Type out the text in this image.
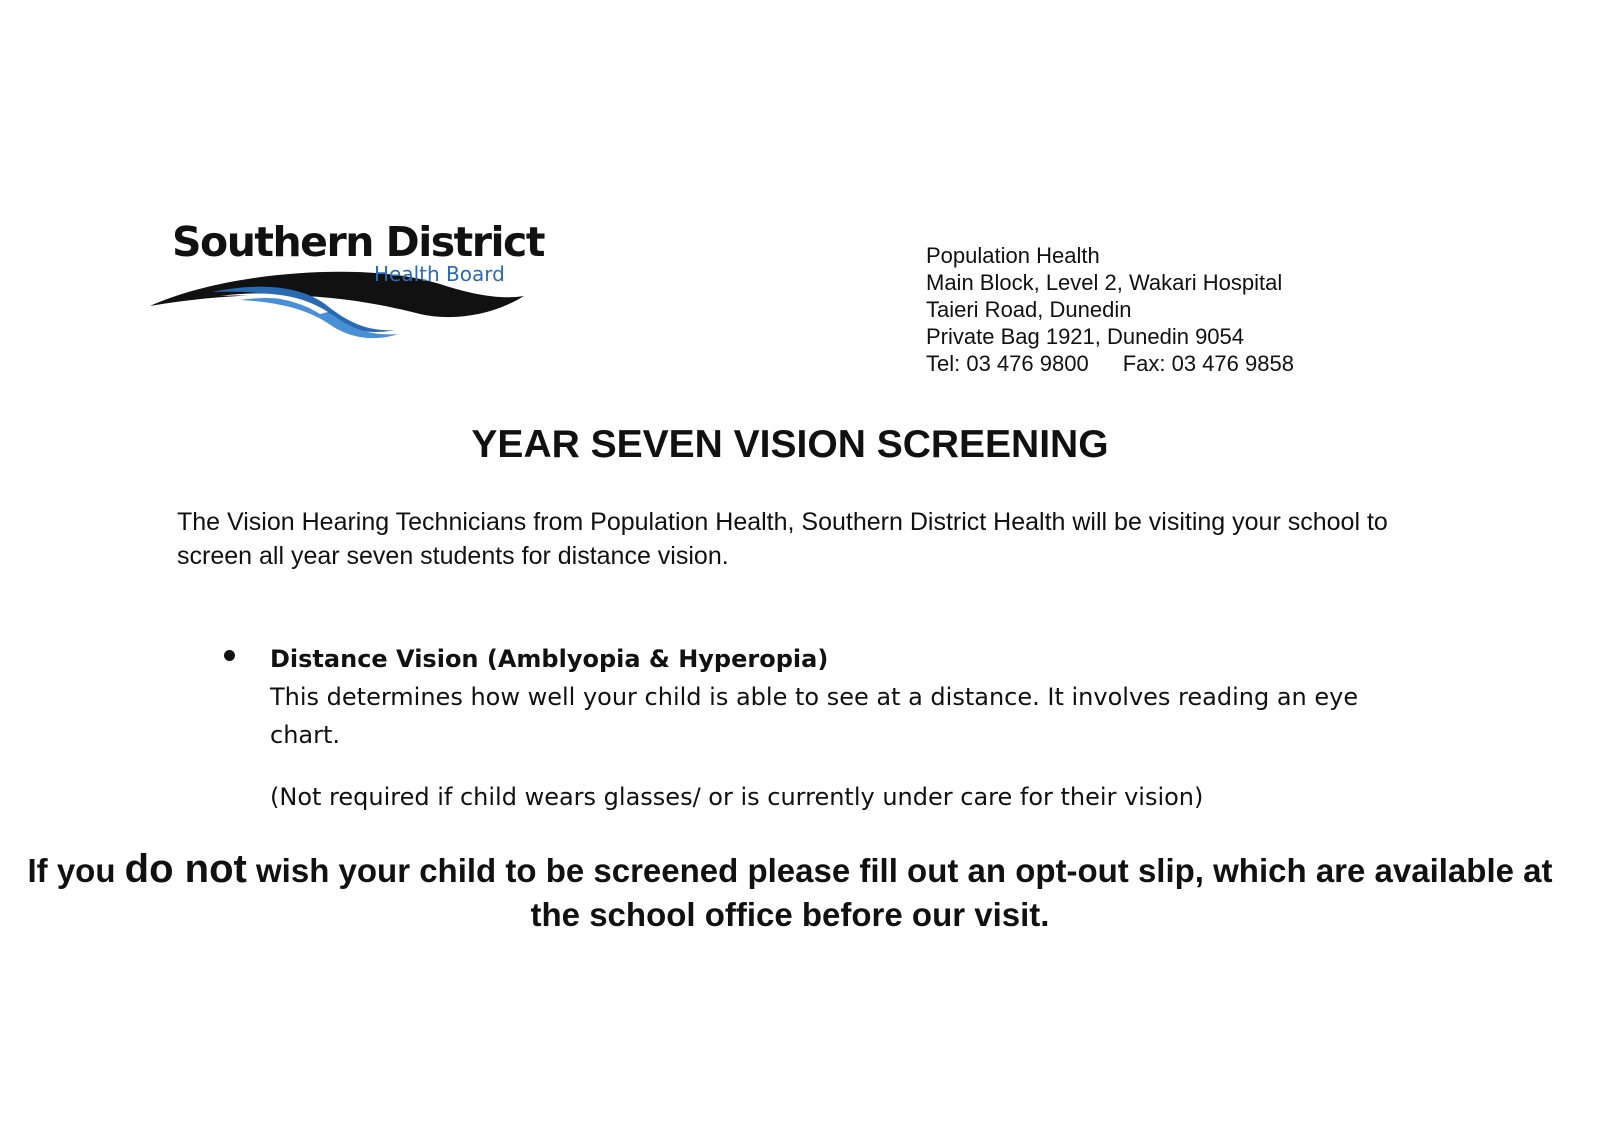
Southern District
Health Board
Population Health
Main Block, Level 2, Wakari Hospital
Taieri Road, Dunedin
Private Bag 1921, Dunedin 9054
Tel: 03 476 9800 Fax: 03 476 9858
YEAR SEVEN VISION SCREENING

The Vision Hearing Technicians from Population Health, Southern District Health will be visiting your school to screen all year seven students for distance vision.

Distance Vision (Amblyopia & Hyperopia)

This determines how well your child is able to see at a distance. It involves reading an eye chart.

(Not required if child wears glasses/ or is currently under care for their vision)

If you do not wish your child to be screened please fill out an opt-out slip, which are available at the school office before our visit.
